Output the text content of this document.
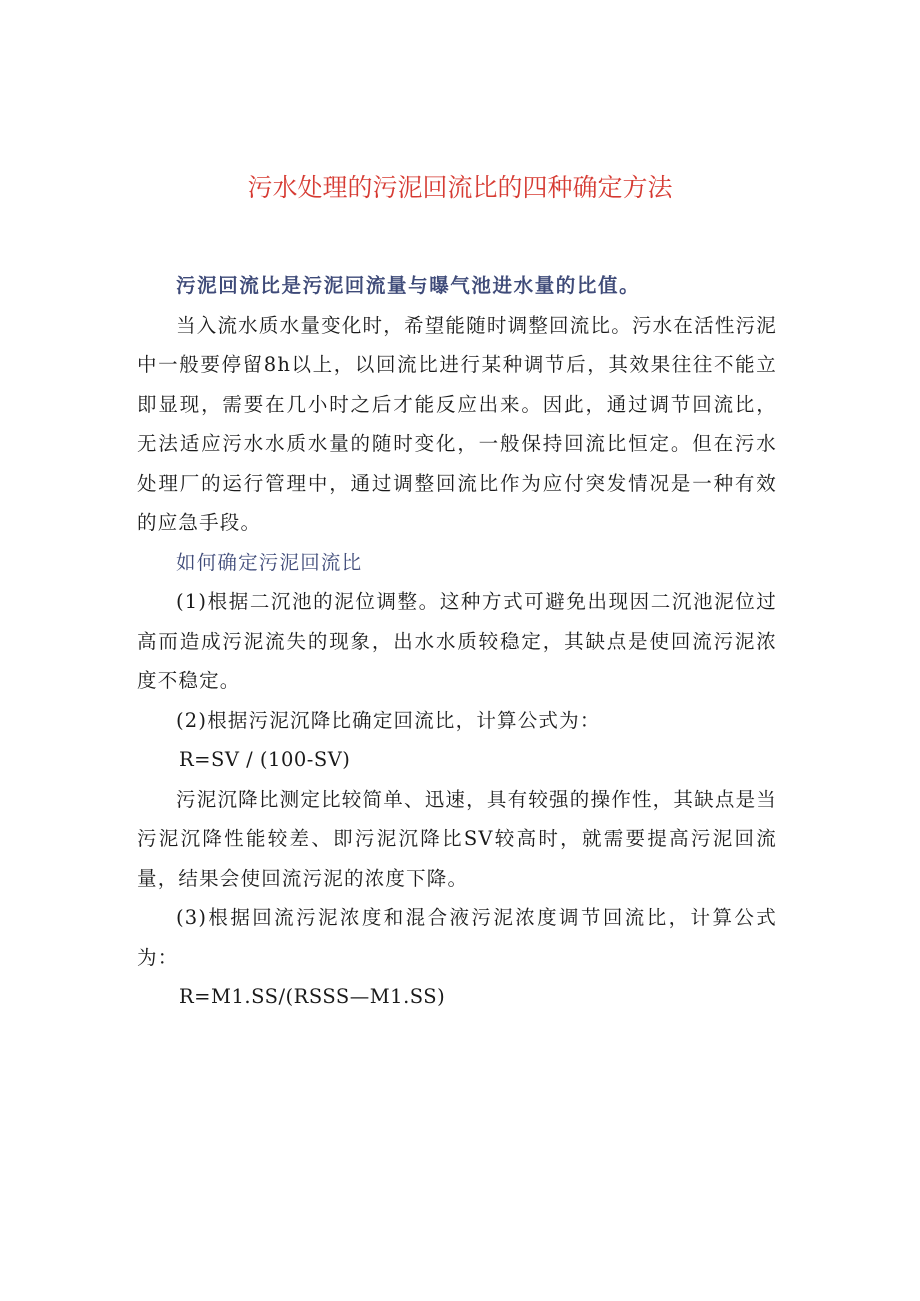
污水处理的污泥回流比的四种确定方法

污泥回流比是污泥回流量与曝气池进水量的比值。

当入流水质水量变化时，希望能随时调整回流比。污水在活性污泥中一般要停留8h以上，以回流比进行某种调节后，其效果往往不能立即显现，需要在几小时之后才能反应出来。因此，通过调节回流比，无法适应污水水质水量的随时变化，一般保持回流比恒定。但在污水处理厂的运行管理中，通过调整回流比作为应付突发情况是一种有效的应急手段。

如何确定污泥回流比

(1)根据二沉池的泥位调整。这种方式可避免出现因二沉池泥位过高而造成污泥流失的现象，出水水质较稳定，其缺点是使回流污泥浓度不稳定。

(2)根据污泥沉降比确定回流比，计算公式为：

R=SV / (100-SV)

污泥沉降比测定比较简单、迅速，具有较强的操作性，其缺点是当污泥沉降性能较差、即污泥沉降比SV较高时，就需要提高污泥回流量，结果会使回流污泥的浓度下降。

(3)根据回流污泥浓度和混合液污泥浓度调节回流比，计算公式为：

R=M1.SS/(RSSS—M1.SS)
